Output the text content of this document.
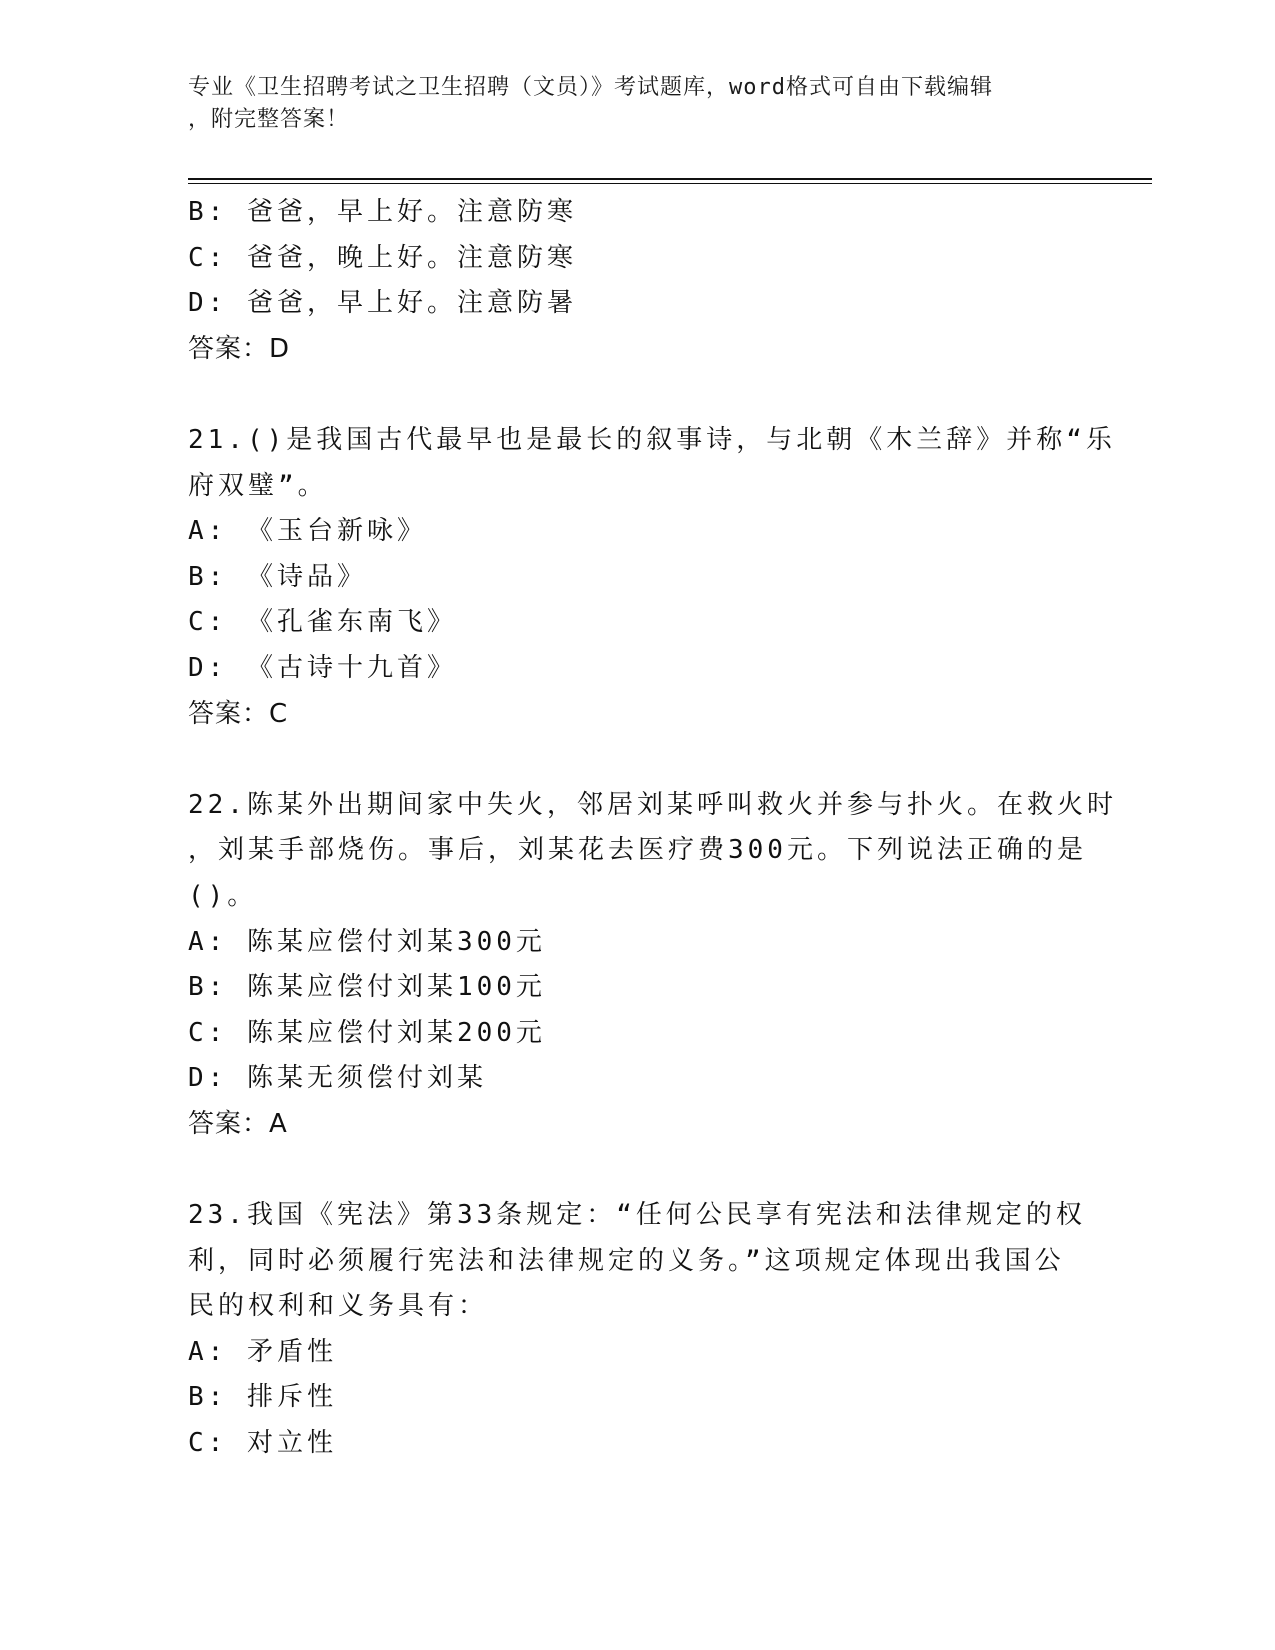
专业《卫生招聘考试之卫生招聘（文员）》考试题库，word格式可自由下载编辑
，附完整答案！
B: 爸爸，早上好。注意防寒
C: 爸爸，晚上好。注意防寒
D: 爸爸，早上好。注意防暑
答案：D
21.()是我国古代最早也是最长的叙事诗，与北朝《木兰辞》并称“乐
府双璧”。
A: 《玉台新咏》
B: 《诗品》
C: 《孔雀东南飞》
D: 《古诗十九首》
答案：C
22.陈某外出期间家中失火，邻居刘某呼叫救火并参与扑火。在救火时
，刘某手部烧伤。事后，刘某花去医疗费300元。下列说法正确的是
()。
A: 陈某应偿付刘某300元
B: 陈某应偿付刘某100元
C: 陈某应偿付刘某200元
D: 陈某无须偿付刘某
答案：A
23.我国《宪法》第33条规定：“任何公民享有宪法和法律规定的权
利，同时必须履行宪法和法律规定的义务。”这项规定体现出我国公
民的权利和义务具有：
A: 矛盾性
B: 排斥性
C: 对立性
